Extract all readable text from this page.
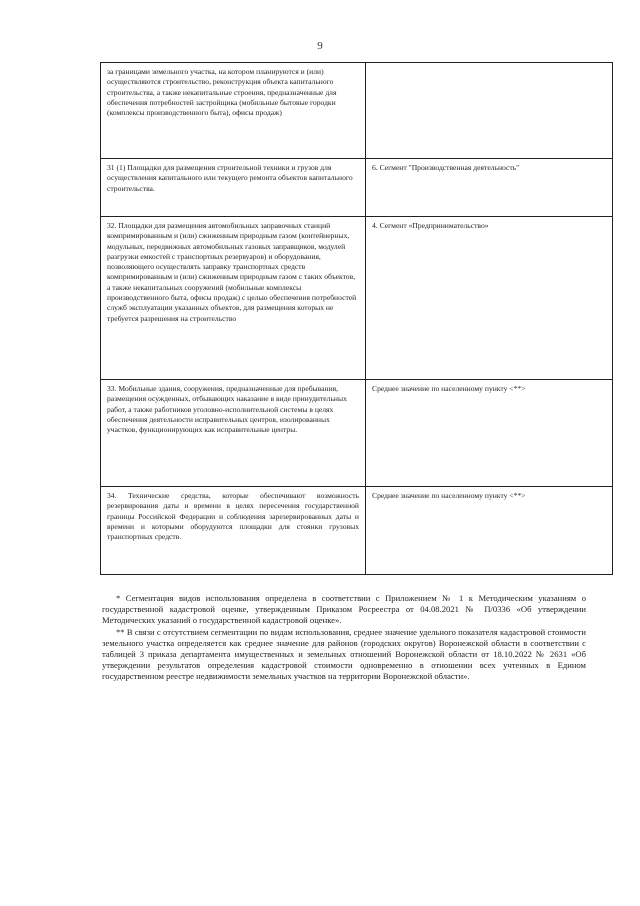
9
за границами земельного участка, на котором планируются и (или) осуществляются строительство, реконструкция объекта капитального строительства, а также некапитальные строения, предназначенные для обеспечения потребностей застройщика (мобильные бытовые городки (комплексы производственного быта), офисы продаж)	
31 (1) Площадки для размещения строительной техники и грузов для осуществления капитального или текущего ремонта объектов капитального строительства.	6. Сегмент "Производственная деятельность"
32. Площадки для размещения автомобильных заправочных станций компримированным и (или) сжиженным природным газом (контейнерных, модульных, передвижных автомобильных газовых заправщиков, модулей разгрузки емкостей с транспортных резервуаров) и оборудования, позволяющего осуществлять заправку транспортных средств компримированным и (или) сжиженным природным газом с таких объектов, а также некапитальных сооружений (мобильные комплексы производственного быта, офисы продаж) с целью обеспечения потребностей служб эксплуатации указанных объектов, для размещения которых не требуется разрешения на строительство	4. Сегмент «Предпринимательство»
33. Мобильные здания, сооружения, предназначенные для пребывания, размещения осужденных, отбывающих наказание в виде принудительных работ, а также работников уголовно-исполнительной системы в целях обеспечения деятельности исправительных центров, изолированных участков, функционирующих как исправительные центры.	Среднее значение по населенному пункту <**>
34. Технические средства, которые обеспечивают возможность резервирования даты и времени в целях пересечения государственной границы Российской Федерации и соблюдения зарезервированных даты и времени и которыми оборудуются площадки для стоянки грузовых транспортных средств.	Среднее значение по населенному пункту <**>

* Сегментация видов использования определена в соответствии с Приложением № 1 к Методическим указаниям о государственной кадастровой оценке, утвержденным Приказом Росреестра от 04.08.2021 № П/0336 «Об утверждении Методических указаний о государственной кадастровой оценке».

** В связи с отсутствием сегментации по видам использования, среднее значение удельного показателя кадастровой стоимости земельного участка определяется как среднее значение для районов (городских округов) Воронежской области в соответствии с таблицей 3 приказа департамента имущественных и земельных отношений Воронежской области от 18.10.2022 № 2631 «Об утверждении результатов определения кадастровой стоимости одновременно в отношении всех учтенных в Едином государственном реестре недвижимости земельных участков на территории Воронежской области».
